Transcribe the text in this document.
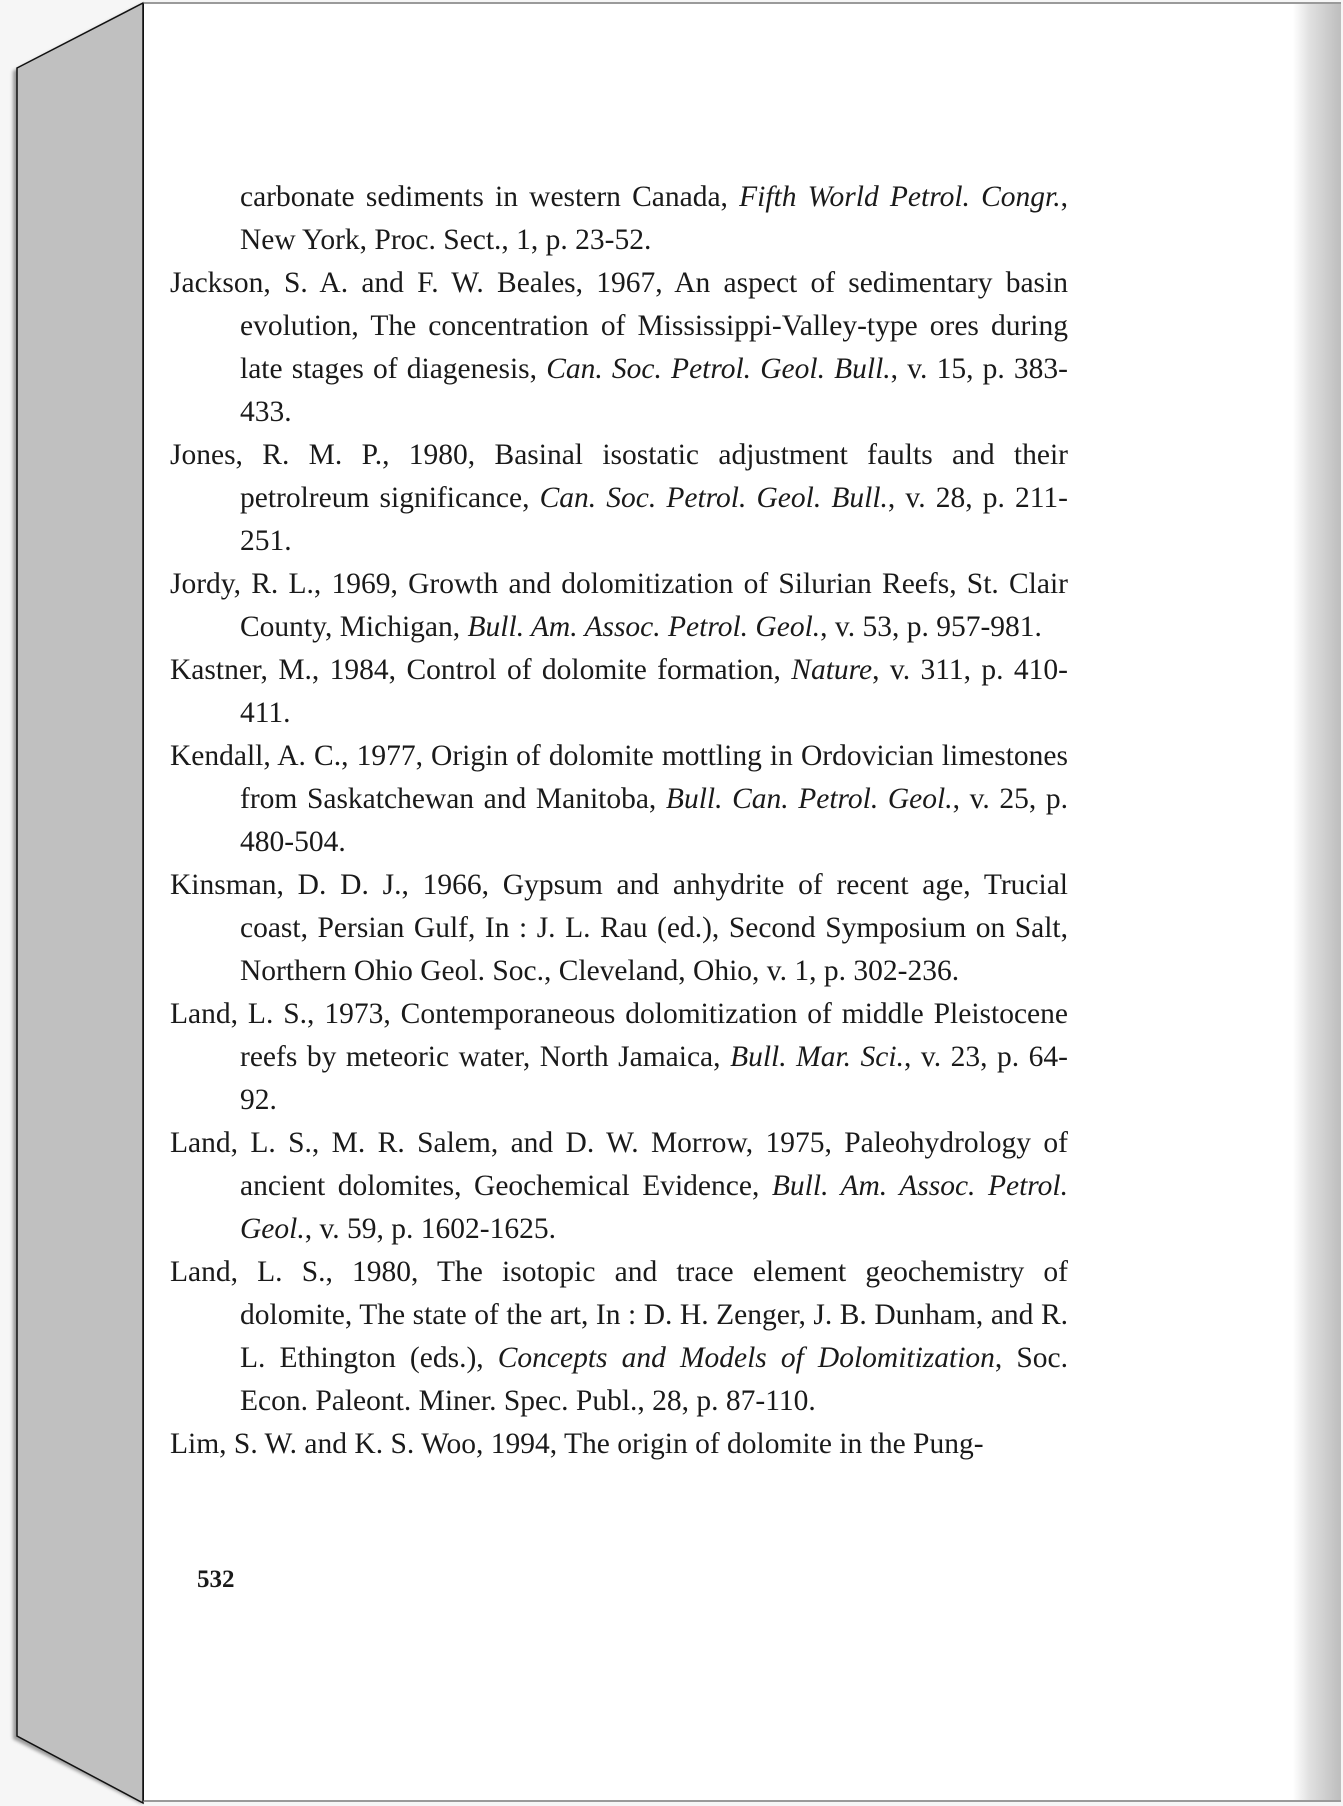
carbonate sediments in western Canada, Fifth World Petrol. Congr., New York, Proc. Sect., 1, p. 23-52.

Jackson, S. A. and F. W. Beales, 1967, An aspect of sedimentary basin evolution, The concentration of Mississippi-Valley-type ores during late stages of diagenesis, Can. Soc. Petrol. Geol. Bull., v. 15, p. 383-433.

Jones, R. M. P., 1980, Basinal isostatic adjustment faults and their petrolreum significance, Can. Soc. Petrol. Geol. Bull., v. 28, p. 211-251.

Jordy, R. L., 1969, Growth and dolomitization of Silurian Reefs, St. Clair County, Michigan, Bull. Am. Assoc. Petrol. Geol., v. 53, p. 957-981.

Kastner, M., 1984, Control of dolomite formation, Nature, v. 311, p. 410-411.

Kendall, A. C., 1977, Origin of dolomite mottling in Ordovician limestones from Saskatchewan and Manitoba, Bull. Can. Petrol. Geol., v. 25, p. 480-504.

Kinsman, D. D. J., 1966, Gypsum and anhydrite of recent age, Trucial coast, Persian Gulf, In : J. L. Rau (ed.), Second Symposium on Salt, Northern Ohio Geol. Soc., Cleveland, Ohio, v. 1, p. 302-236.

Land, L. S., 1973, Contemporaneous dolomitization of middle Pleistocene reefs by meteoric water, North Jamaica, Bull. Mar. Sci., v. 23, p. 64-92.

Land, L. S., M. R. Salem, and D. W. Morrow, 1975, Paleohydrology of ancient dolomites, Geochemical Evidence, Bull. Am. Assoc. Petrol. Geol., v. 59, p. 1602-1625.

Land, L. S., 1980, The isotopic and trace element geochemistry of dolomite, The state of the art, In : D. H. Zenger, J. B. Dunham, and R. L. Ethington (eds.), Concepts and Models of Dolomitization, Soc. Econ. Paleont. Miner. Spec. Publ., 28, p. 87-110.

Lim, S. W. and K. S. Woo, 1994, The origin of dolomite in the Pung-

532
